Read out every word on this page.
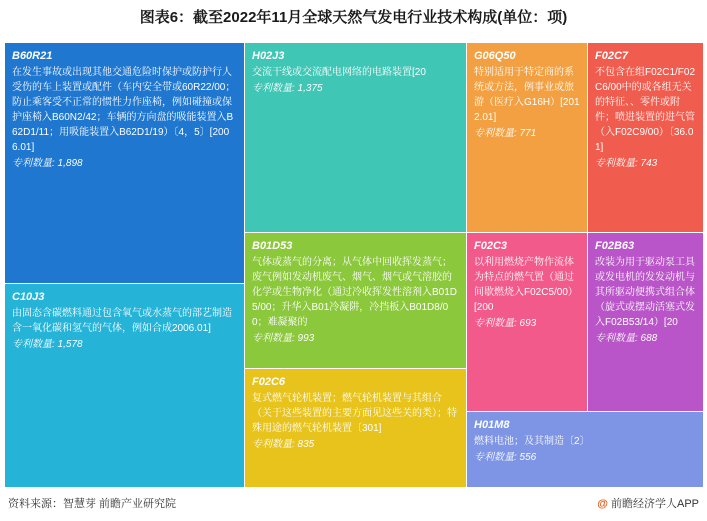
图表6：截至2022年11月全球天然气发电行业技术构成(单位：项)
B60R21
在发生事故或出现其他交通危险时保护或防护行人受伤的车上装置或配件（车内安全带或60R22/00；防止乘客受不正常的惯性力作座椅，例如碰撞或保护座椅入B60N2/42；车辆的方向盘的吸能装置入B62D1/11；用吸能装置入B62D1/19）〔4，5〕[2006.01]
专利数量: 1,898
C10J3
由固态含碳燃料通过包含氧气或水蒸气的部艺制造含一氧化碳和氢气的气体，例如合成2006.01]
专利数量: 1,578
H02J3
交流干线或交流配电网络的电路装置[20
专利数量: 1,375
B01D53
气体或蒸气的分离；从气体中回收挥发蒸气；废气例如发动机废气、烟气、烟气或气溶胶的化学或生物净化（通过冷收挥发性溶剂入B01D5/00；升华入B01冷凝阱，冷挡板入B01D8/00；难凝聚的
专利数量: 993
F02C6
复式燃气轮机装置；燃气轮机装置与其组合（关于这些装置的主要方面见这些关的类）；特殊用途的燃气轮机装置〔301]
专利数量: 835
G06Q50
特别适用于特定商的系统或方法，例事业或旅游（医疗入G16H）[2012.01]
专利数量: 771
F02C7
不包含在组F02C1/F02C6/00中的或各组无关的特征、、零件或附件；喷进装置的进气管（入F02C9/00）〔36.01]
专利数量: 743
F02C3
以利用燃烧产物作流体为特点的燃气置（通过间歇燃烧入F02C5/00）[200
专利数量: 693
F02B63
改装为用于驱动泵工具或发电机的发发动机与其所驱动便携式组合体（旋式或摆动活塞式发入F02B53/14）[20
专利数量: 688
H01M8
燃料电池；及其制造〔2〕
专利数量: 556
资料来源：智慧芽 前瞻产业研究院	@ 前瞻经济学人APP
